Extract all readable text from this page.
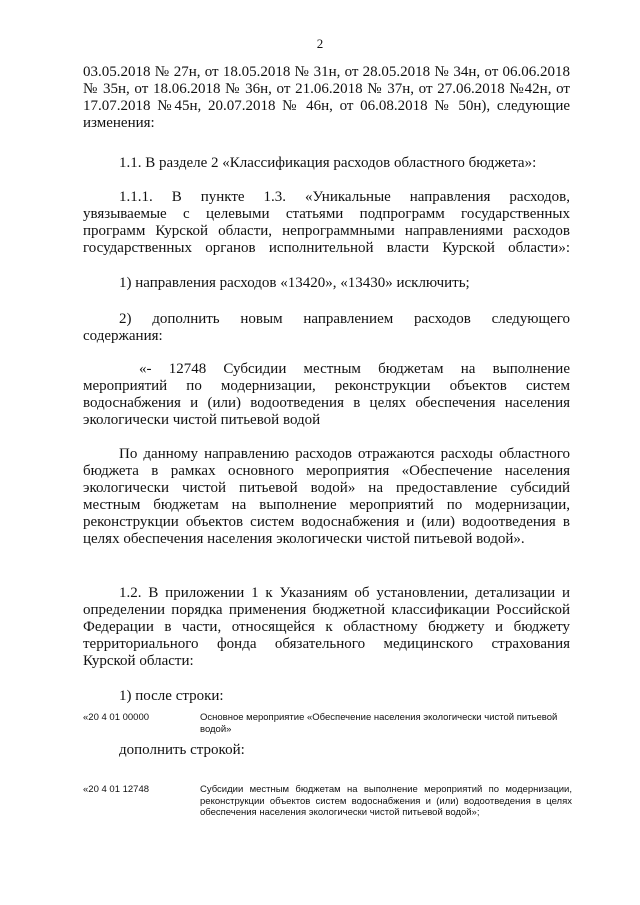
2
03.05.2018 № 27н, от 18.05.2018 № 31н, от 28.05.2018 № 34н, от 06.06.2018
№ 35н, от 18.06.2018 № 36н, от 21.06.2018 № 37н, от 27.06.2018 №42н, от
17.07.2018 №45н, 20.07.2018 № 46н, от 06.08.2018 № 50н), следующие
изменения:
1.1. В разделе 2 «Классификация расходов областного бюджета»:
1.1.1. В пункте 1.3. «Уникальные направления расходов,
увязываемые с целевыми статьями подпрограмм государственных
программ Курской области, непрограммными направлениями расходов
государственных органов исполнительной власти Курской области»:
1) направления расходов «13420», «13430» исключить;
2) дополнить новым направлением расходов следующего
содержания:
«- 12748 Субсидии местным бюджетам на выполнение
мероприятий по модернизации, реконструкции объектов систем
водоснабжения и (или) водоотведения в целях обеспечения населения
экологически чистой питьевой водой
По данному направлению расходов отражаются расходы областного
бюджета в рамках основного мероприятия «Обеспечение населения
экологически чистой питьевой водой» на предоставление субсидий
местным бюджетам на выполнение мероприятий по модернизации,
реконструкции объектов систем водоснабжения и (или) водоотведения в
целях обеспечения населения экологически чистой питьевой водой».
1.2. В приложении 1 к Указаниям об установлении, детализации и
определении порядка применения бюджетной классификации Российской
Федерации в части, относящейся к областному бюджету и бюджету
территориального фонда обязательного медицинского страхования
Курской области:
1) после строки:
«20 4 01 00000	Основное мероприятие «Обеспечение населения экологически чистой питьевой
водой»
дополнить строкой:
«20 4 01 12748	Субсидии местным бюджетам на выполнение мероприятий по модернизации,
реконструкции объектов систем водоснабжения и (или) водоотведения в целях
обеспечения населения экологически чистой питьевой водой»;
